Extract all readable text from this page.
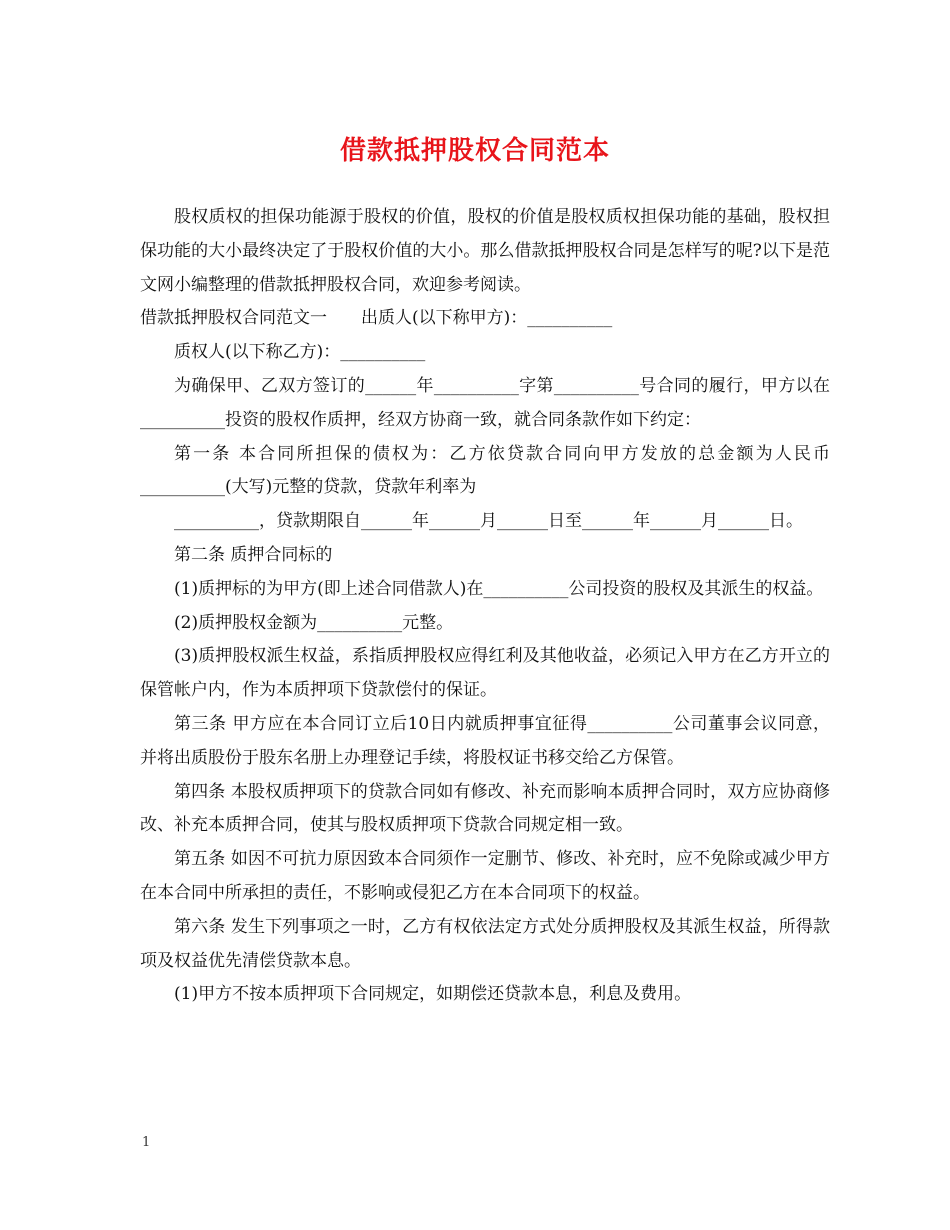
借款抵押股权合同范本

股权质权的担保功能源于股权的价值，股权的价值是股权质权担保功能的基础，股权担保功能的大小最终决定了于股权价值的大小。那么借款抵押股权合同是怎样写的呢?以下是范文网小编整理的借款抵押股权合同，欢迎参考阅读。

借款抵押股权合同范文一　　出质人(以下称甲方)：__________

质权人(以下称乙方)：__________

为确保甲、乙双方签订的______年__________字第__________号合同的履行，甲方以在__________投资的股权作质押，经双方协商一致，就合同条款作如下约定：

第一条 本合同所担保的债权为：乙方依贷款合同向甲方发放的总金额为人民币__________(大写)元整的贷款，贷款年利率为

__________，贷款期限自______年______月______日至______年______月______日。

第二条 质押合同标的

(1)质押标的为甲方(即上述合同借款人)在__________公司投资的股权及其派生的权益。

(2)质押股权金额为__________元整。

(3)质押股权派生权益，系指质押股权应得红利及其他收益，必须记入甲方在乙方开立的保管帐户内，作为本质押项下贷款偿付的保证。

第三条 甲方应在本合同订立后10日内就质押事宜征得__________公司董事会议同意，并将出质股份于股东名册上办理登记手续，将股权证书移交给乙方保管。

第四条 本股权质押项下的贷款合同如有修改、补充而影响本质押合同时，双方应协商修改、补充本质押合同，使其与股权质押项下贷款合同规定相一致。

第五条 如因不可抗力原因致本合同须作一定删节、修改、补充时，应不免除或减少甲方在本合同中所承担的责任，不影响或侵犯乙方在本合同项下的权益。

第六条 发生下列事项之一时，乙方有权依法定方式处分质押股权及其派生权益，所得款项及权益优先清偿贷款本息。

(1)甲方不按本质押项下合同规定，如期偿还贷款本息，利息及费用。

1
